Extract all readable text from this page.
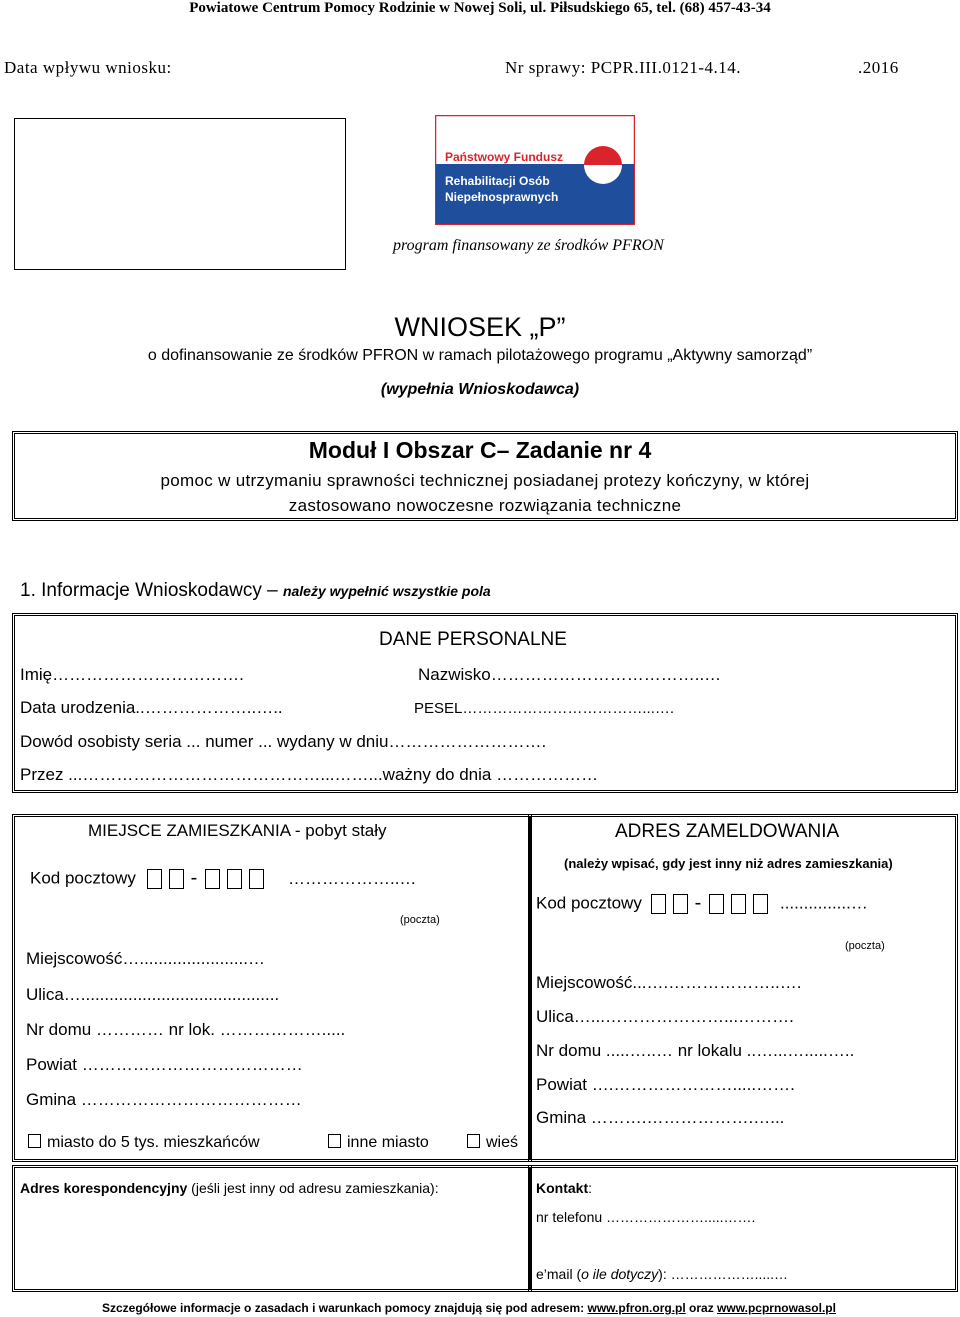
Powiatowe Centrum Pomocy Rodzinie w Nowej Soli, ul. Piłsudskiego 65, tel. (68) 457-43-34
Data wpływu wniosku:	Nr sprawy: PCPR.III.0121-4.14.	.2016
Państwowy Fundusz
Rehabilitacji Osób
Niepełnosprawnych
program finansowany ze środków PFRON
WNIOSEK „P”
o dofinansowanie ze środków PFRON w ramach pilotażowego programu „Aktywny samorząd”
(wypełnia Wnioskodawca)
Moduł I Obszar C– Zadanie nr 4
pomoc w utrzymaniu sprawności technicznej posiadanej protezy kończyny, w której
zastosowano nowoczesne rozwiązania techniczne
1. Informacje Wnioskodawcy – należy wypełnić wszystkie pola
DANE PERSONALNE
Imię…………………………….	Nazwisko………………………………..…
Data urodzenia..………………..…..	PESEL………………………………...….
Dowód osobisty seria ... numer ... wydany w dniu……………………….
Przez ...……………………………………...……...ważny do dnia ………………
MIEJSCE ZAMIESZKANIA - pobyt stały
Kod pocztowy	-	………………..…
(poczta)
Miejscowość….......................…
Ulica…..........................................
Nr domu ………… nr lok. ……………….....
Powiat …………………………………
Gmina …………………………………
miasto do 5 tys. mieszkańców	inne miasto	wieś
ADRES ZAMELDOWANIA
(należy wpisać, gdy jest inny niż adres zamieszkania)
Kod pocztowy	-	...............…
(poczta)
Miejscowość...….………………..….
Ulica…...…………………...……….
Nr domu .....…..… nr lokalu ..…...….....…..
Powiat ….………………….....…….
Gmina ……….……………….…...
Adres korespondencyjny (jeśli jest inny od adresu zamieszkania):	Kontakt:
nr telefonu ………………….....…….
e’mail (o ile dotyczy): ……………….....…
Szczegółowe informacje o zasadach i warunkach pomocy znajdują się pod adresem: www.pfron.org.pl oraz www.pcprnowasol.pl
